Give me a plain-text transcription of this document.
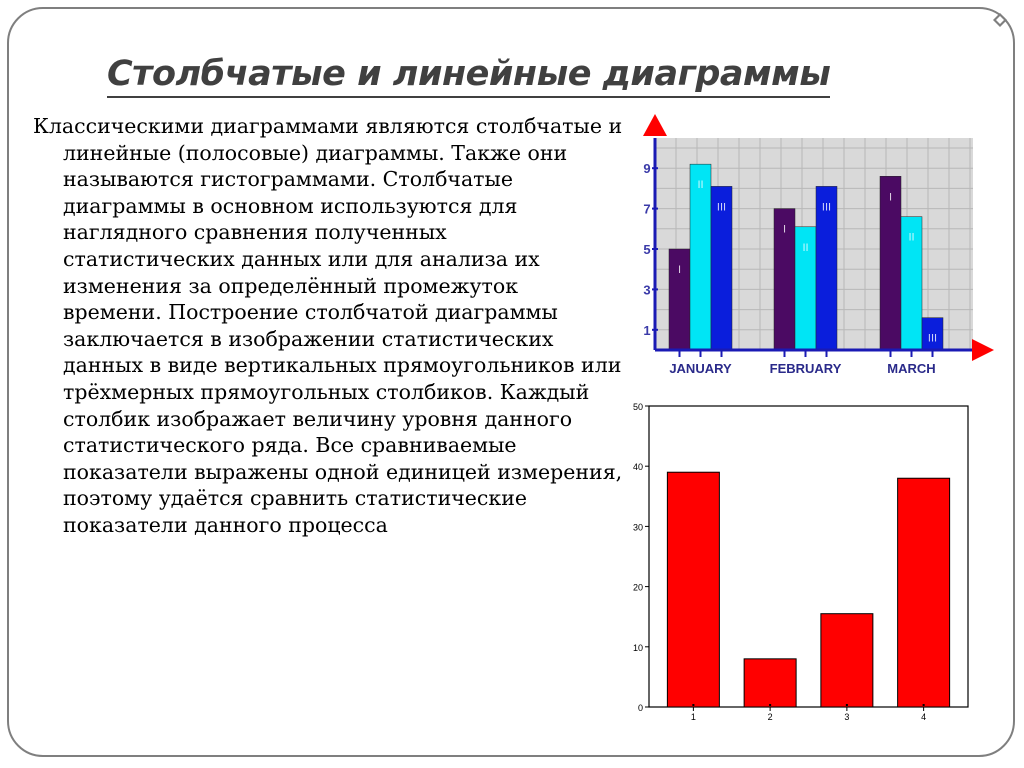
Столбчатые и линейные диаграммы

Классическими диаграммами являются столбчатые и линейные (полосовые) диаграммы. Также они называются гистограммами. Столбчатые диаграммы в основном используются для наглядного сравнения полученных статистических данных или для анализа их изменения за определённый промежуток времени. Построение столбчатой диаграммы заключается в изображении статистических данных в виде вертикальных прямоугольников или трёхмерных прямоугольных столбиков. Каждый столбик изображает величину уровня данного статистического ряда. Все сравниваемые показатели выражены одной единицей измерения, поэтому удаётся сравнить статистические показатели данного процесса

1
3
5
7
9
I
II
III
JANUARY
I
II
III
FEBRUARY
I
II
III
MARCH
0
10
20
30
40
50
1	2	3	4
